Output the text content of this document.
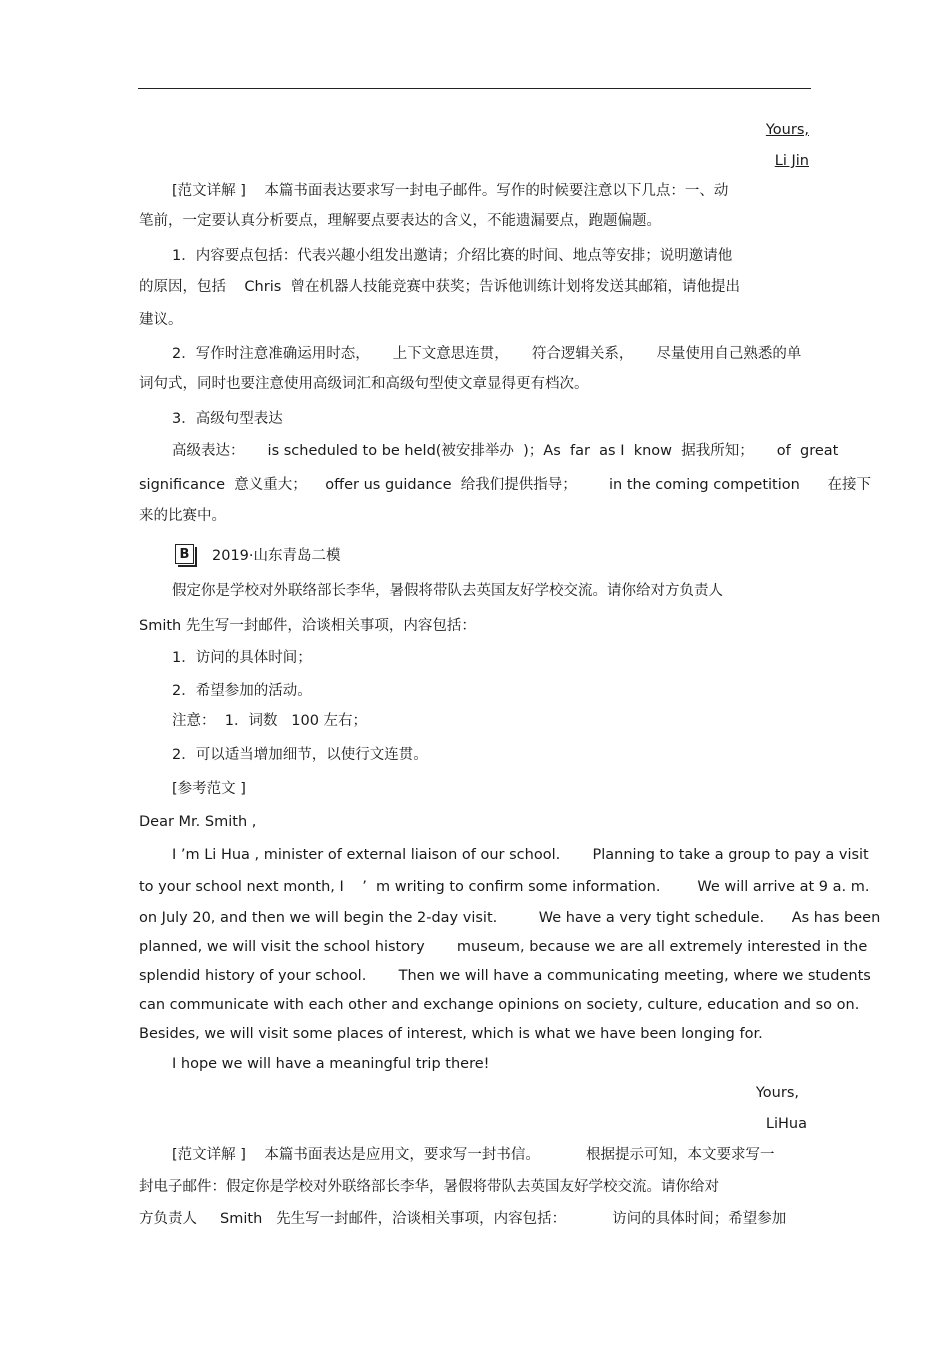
Yours,
Li Jin
[范文详解 ]    本篇书面表达要求写一封电子邮件。写作的时候要注意以下几点：一、动
笔前，一定要认真分析要点，理解要点要表达的含义，不能遗漏要点，跑题偏题。
1．内容要点包括：代表兴趣小组发出邀请；介绍比赛的时间、地点等安排；说明邀请他
的原因，包括    Chris  曾在机器人技能竞赛中获奖；告诉他训练计划将发送其邮箱，请他提出
建议。
2．写作时注意准确运用时态，     上下文意思连贯，     符合逻辑关系，     尽量使用自己熟悉的单
词句式，同时也要注意使用高级词汇和高级句型使文章显得更有档次。
3．高级句型表达
高级表达：     is scheduled to be held(被安排举办  )；As  far  as I  know  据我所知；     of  great
significance  意义重大；    offer us guidance  给我们提供指导；       in the coming competition      在接下
来的比赛中。
B	2019·山东青岛二模
假定你是学校对外联络部长李华，暑假将带队去英国友好学校交流。请你给对方负责人
Smith 先生写一封邮件，洽谈相关事项，内容包括：
1．访问的具体时间；
2．希望参加的活动。
注意：  1．词数   100 左右；
2．可以适当增加细节，以使行文连贯。
[参考范文 ]
Dear Mr. Smith ,
I ’m Li Hua , minister of external liaison of our school.       Planning to take a group to pay a visit
to your school next month, I    ’  m writing to confirm some information.        We will arrive at 9 a. m.
on July 20, and then we will begin the 2-day visit.         We have a very tight schedule.      As has been
planned, we will visit the school history       museum, because we are all extremely interested in the
splendid history of your school.       Then we will have a communicating meeting, where we students
can communicate with each other and exchange opinions on society, culture, education and so on.
Besides, we will visit some places of interest, which is what we have been longing for.
I hope we will have a meaningful trip there!
Yours,
LiHua
[范文详解 ]    本篇书面表达是应用文，要求写一封书信。          根据提示可知，本文要求写一
封电子邮件：假定你是学校对外联络部长李华，暑假将带队去英国友好学校交流。请你给对
方负责人     Smith   先生写一封邮件，洽谈相关事项，内容包括：          访问的具体时间；希望参加
